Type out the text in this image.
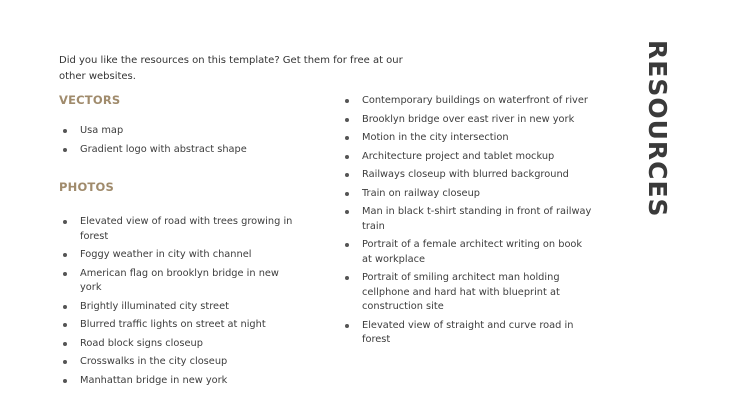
Did you like the resources on this template? Get them for free at our other websites.
VECTORS
Usa map
Gradient logo with abstract shape
PHOTOS
Elevated view of road with trees growing in forest
Foggy weather in city with channel
American flag on brooklyn bridge in new york
Brightly illuminated city street
Blurred traffic lights on street at night
Road block signs closeup
Crosswalks in the city closeup
Manhattan bridge in new york
Contemporary buildings on waterfront of river
Brooklyn bridge over east river in new york
Motion in the city intersection
Architecture project and tablet mockup
Railways closeup with blurred background
Train on railway closeup
Man in black t-shirt standing in front of railway train
Portrait of a female architect writing on book at workplace
Portrait of smiling architect man holding cellphone and hard hat with blueprint at construction site
Elevated view of straight and curve road in forest
RESOURCES
